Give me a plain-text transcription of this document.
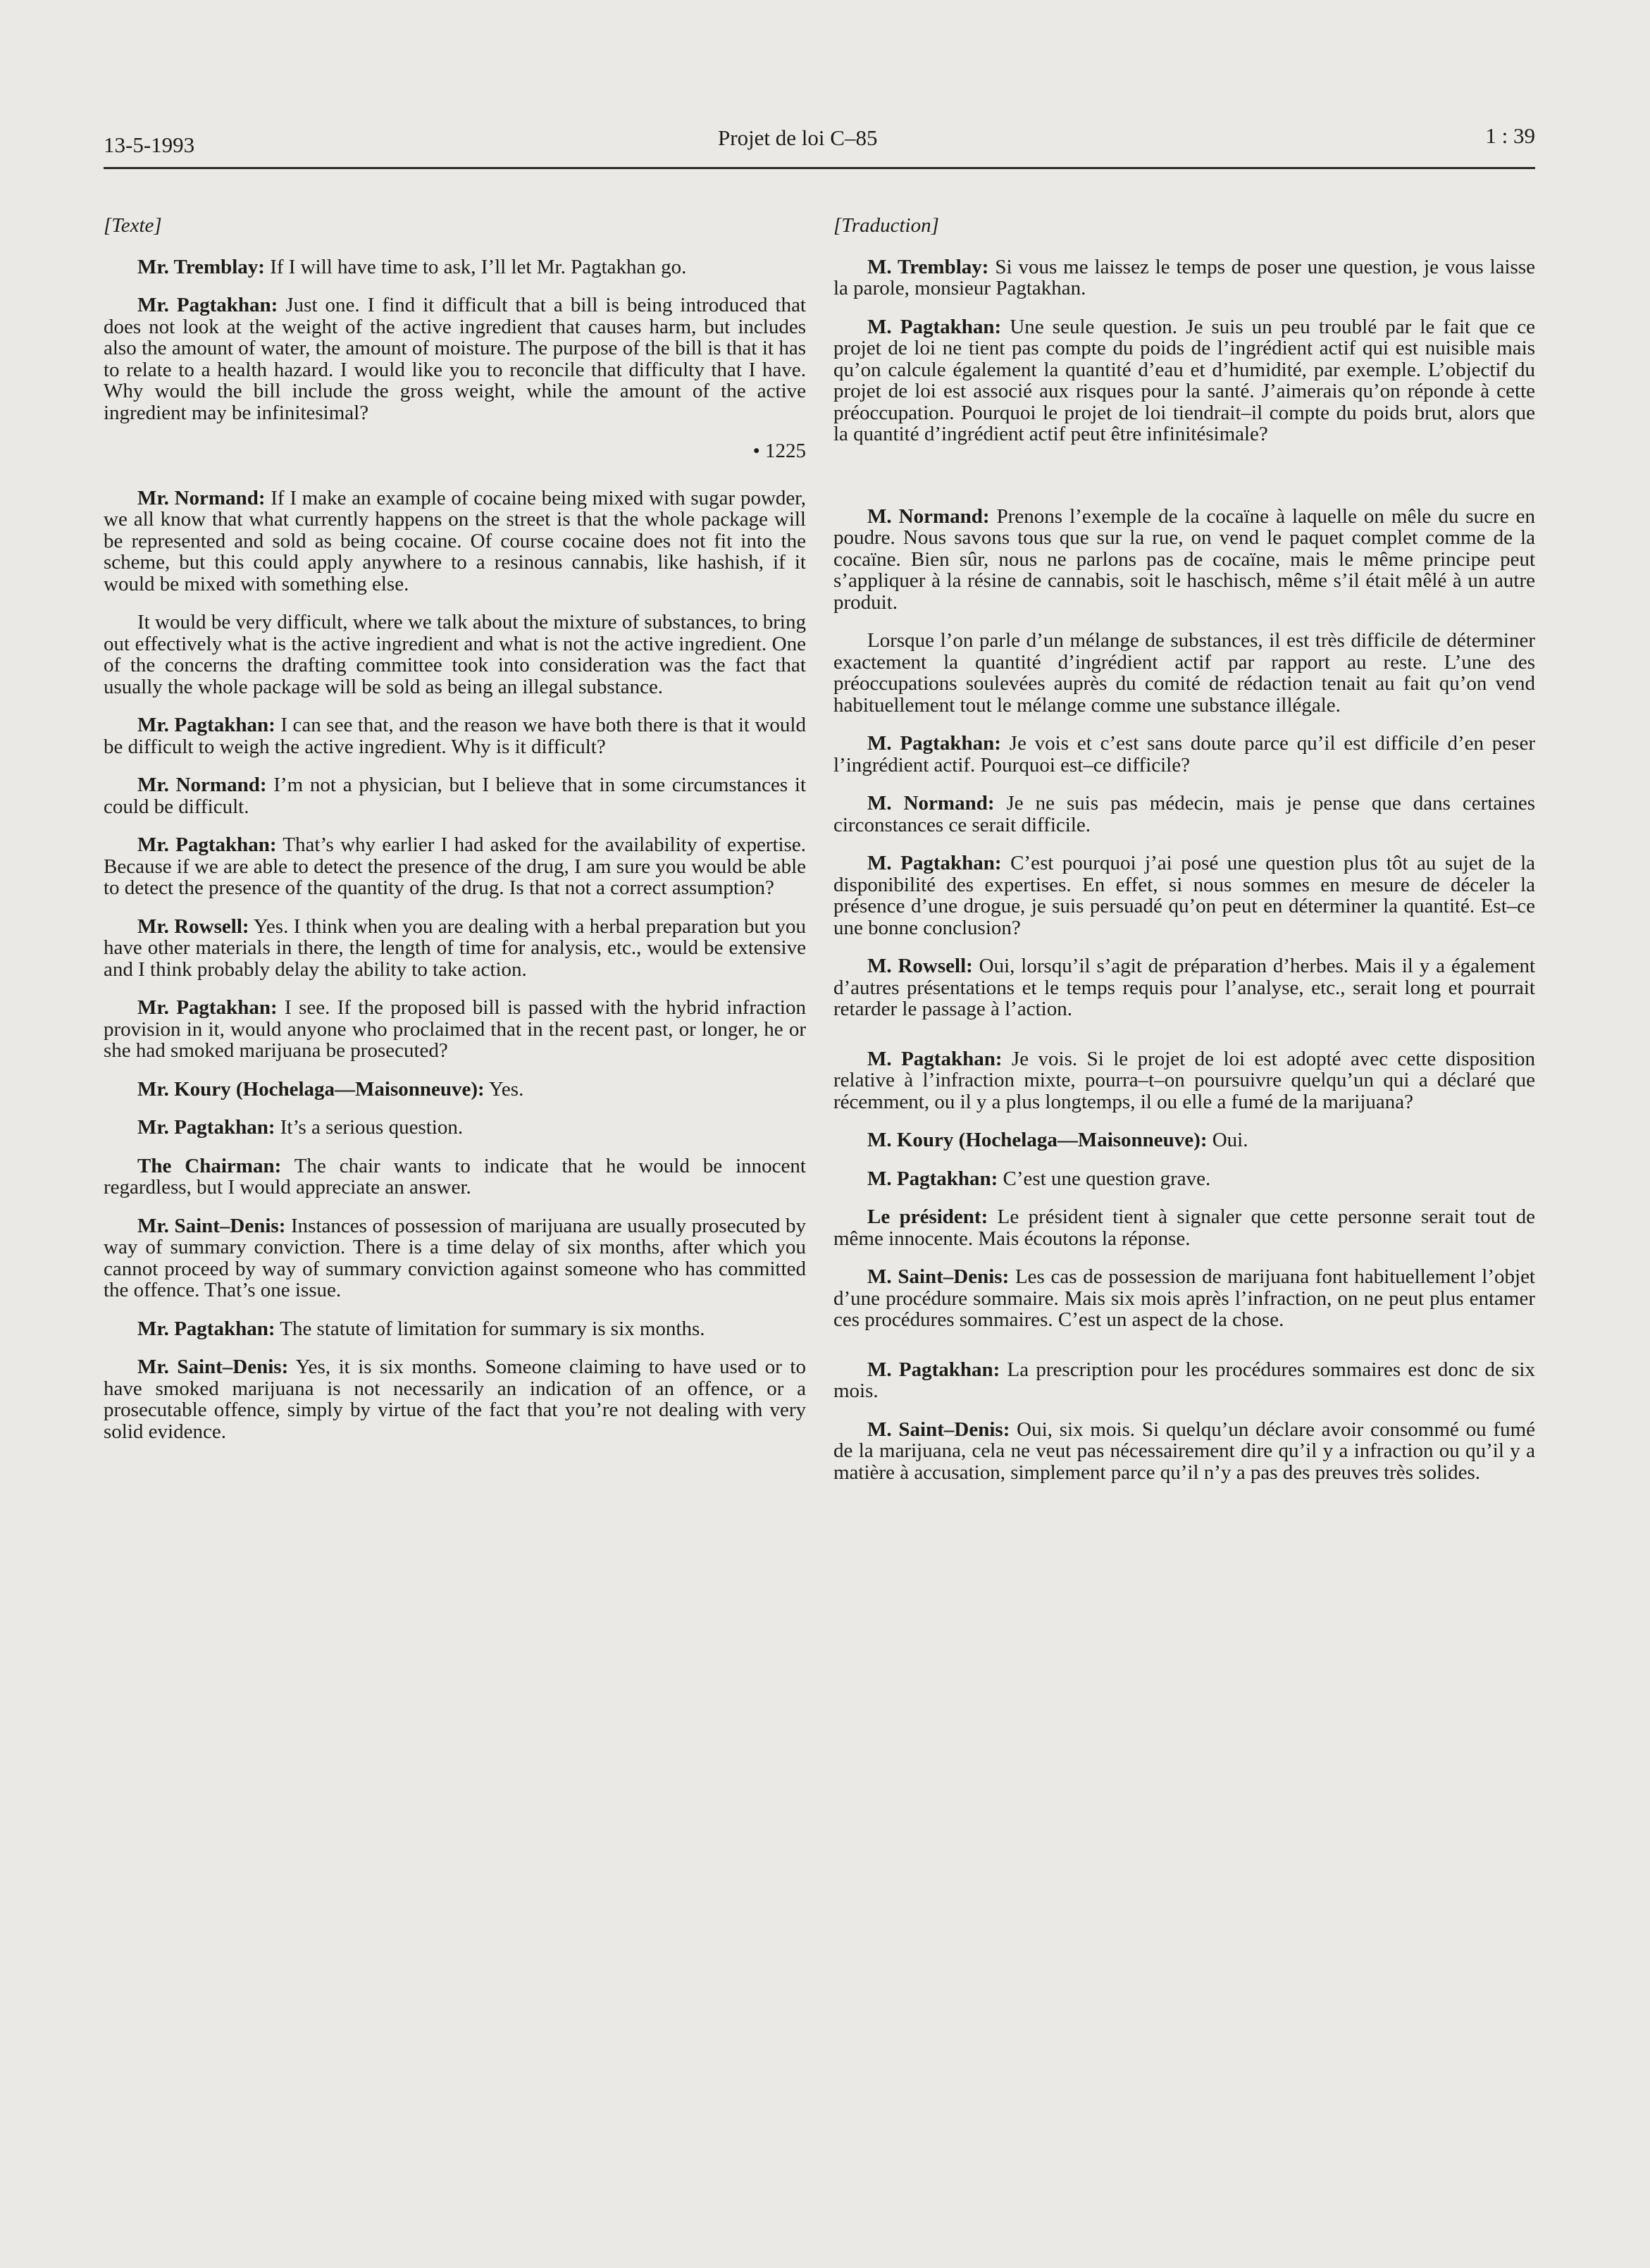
13-5-1993	Projet de loi C–85	1 : 39

[Texte]

Mr. Tremblay: If I will have time to ask, I’ll let Mr. Pagtakhan go.

Mr. Pagtakhan: Just one. I find it difficult that a bill is being introduced that does not look at the weight of the active ingredient that causes harm, but includes also the amount of water, the amount of moisture. The purpose of the bill is that it has to relate to a health hazard. I would like you to reconcile that difficulty that I have. Why would the bill include the gross weight, while the amount of the active ingredient may be infinitesimal?

• 1225

Mr. Normand: If I make an example of cocaine being mixed with sugar powder, we all know that what currently happens on the street is that the whole package will be represented and sold as being cocaine. Of course cocaine does not fit into the scheme, but this could apply anywhere to a resinous cannabis, like hashish, if it would be mixed with something else.

It would be very difficult, where we talk about the mixture of substances, to bring out effectively what is the active ingredient and what is not the active ingredient. One of the concerns the drafting committee took into consideration was the fact that usually the whole package will be sold as being an illegal substance.

Mr. Pagtakhan: I can see that, and the reason we have both there is that it would be difficult to weigh the active ingredient. Why is it difficult?

Mr. Normand: I’m not a physician, but I believe that in some circumstances it could be difficult.

Mr. Pagtakhan: That’s why earlier I had asked for the availability of expertise. Because if we are able to detect the presence of the drug, I am sure you would be able to detect the presence of the quantity of the drug. Is that not a correct assumption?

Mr. Rowsell: Yes. I think when you are dealing with a herbal preparation but you have other materials in there, the length of time for analysis, etc., would be extensive and I think probably delay the ability to take action.

Mr. Pagtakhan: I see. If the proposed bill is passed with the hybrid infraction provision in it, would anyone who proclaimed that in the recent past, or longer, he or she had smoked marijuana be prosecuted?

Mr. Koury (Hochelaga—Maisonneuve): Yes.

Mr. Pagtakhan: It’s a serious question.

The Chairman: The chair wants to indicate that he would be innocent regardless, but I would appreciate an answer.

Mr. Saint–Denis: Instances of possession of marijuana are usually prosecuted by way of summary conviction. There is a time delay of six months, after which you cannot proceed by way of summary conviction against someone who has committed the offence. That’s one issue.

Mr. Pagtakhan: The statute of limitation for summary is six months.

Mr. Saint–Denis: Yes, it is six months. Someone claiming to have used or to have smoked marijuana is not necessarily an indication of an offence, or a prosecutable offence, simply by virtue of the fact that you’re not dealing with very solid evidence.

[Traduction]

M. Tremblay: Si vous me laissez le temps de poser une question, je vous laisse la parole, monsieur Pagtakhan.

M. Pagtakhan: Une seule question. Je suis un peu troublé par le fait que ce projet de loi ne tient pas compte du poids de l’ingrédient actif qui est nuisible mais qu’on calcule également la quantité d’eau et d’humidité, par exemple. L’objectif du projet de loi est associé aux risques pour la santé. J’aimerais qu’on réponde à cette préoccupation. Pourquoi le projet de loi tiendrait–il compte du poids brut, alors que la quantité d’ingrédient actif peut être infinitésimale?

M. Normand: Prenons l’exemple de la cocaïne à laquelle on mêle du sucre en poudre. Nous savons tous que sur la rue, on vend le paquet complet comme de la cocaïne. Bien sûr, nous ne parlons pas de cocaïne, mais le même principe peut s’appliquer à la résine de cannabis, soit le haschisch, même s’il était mêlé à un autre produit.

Lorsque l’on parle d’un mélange de substances, il est très difficile de déterminer exactement la quantité d’ingrédient actif par rapport au reste. L’une des préoccupations soulevées auprès du comité de rédaction tenait au fait qu’on vend habituellement tout le mélange comme une substance illégale.

M. Pagtakhan: Je vois et c’est sans doute parce qu’il est difficile d’en peser l’ingrédient actif. Pourquoi est–ce difficile?

M. Normand: Je ne suis pas médecin, mais je pense que dans certaines circonstances ce serait difficile.

M. Pagtakhan: C’est pourquoi j’ai posé une question plus tôt au sujet de la disponibilité des expertises. En effet, si nous sommes en mesure de déceler la présence d’une drogue, je suis persuadé qu’on peut en déterminer la quantité. Est–ce une bonne conclusion?

M. Rowsell: Oui, lorsqu’il s’agit de préparation d’herbes. Mais il y a également d’autres présentations et le temps requis pour l’analyse, etc., serait long et pourrait retarder le passage à l’action.

M. Pagtakhan: Je vois. Si le projet de loi est adopté avec cette disposition relative à l’infraction mixte, pourra–t–on poursuivre quelqu’un qui a déclaré que récemment, ou il y a plus longtemps, il ou elle a fumé de la marijuana?

M. Koury (Hochelaga—Maisonneuve): Oui.

M. Pagtakhan: C’est une question grave.

Le président: Le président tient à signaler que cette personne serait tout de même innocente. Mais écoutons la réponse.

M. Saint–Denis: Les cas de possession de marijuana font habituellement l’objet d’une procédure sommaire. Mais six mois après l’infraction, on ne peut plus entamer ces procédures sommaires. C’est un aspect de la chose.

M. Pagtakhan: La prescription pour les procédures sommaires est donc de six mois.

M. Saint–Denis: Oui, six mois. Si quelqu’un déclare avoir consommé ou fumé de la marijuana, cela ne veut pas nécessairement dire qu’il y a infraction ou qu’il y a matière à accusation, simplement parce qu’il n’y a pas des preuves très solides.
